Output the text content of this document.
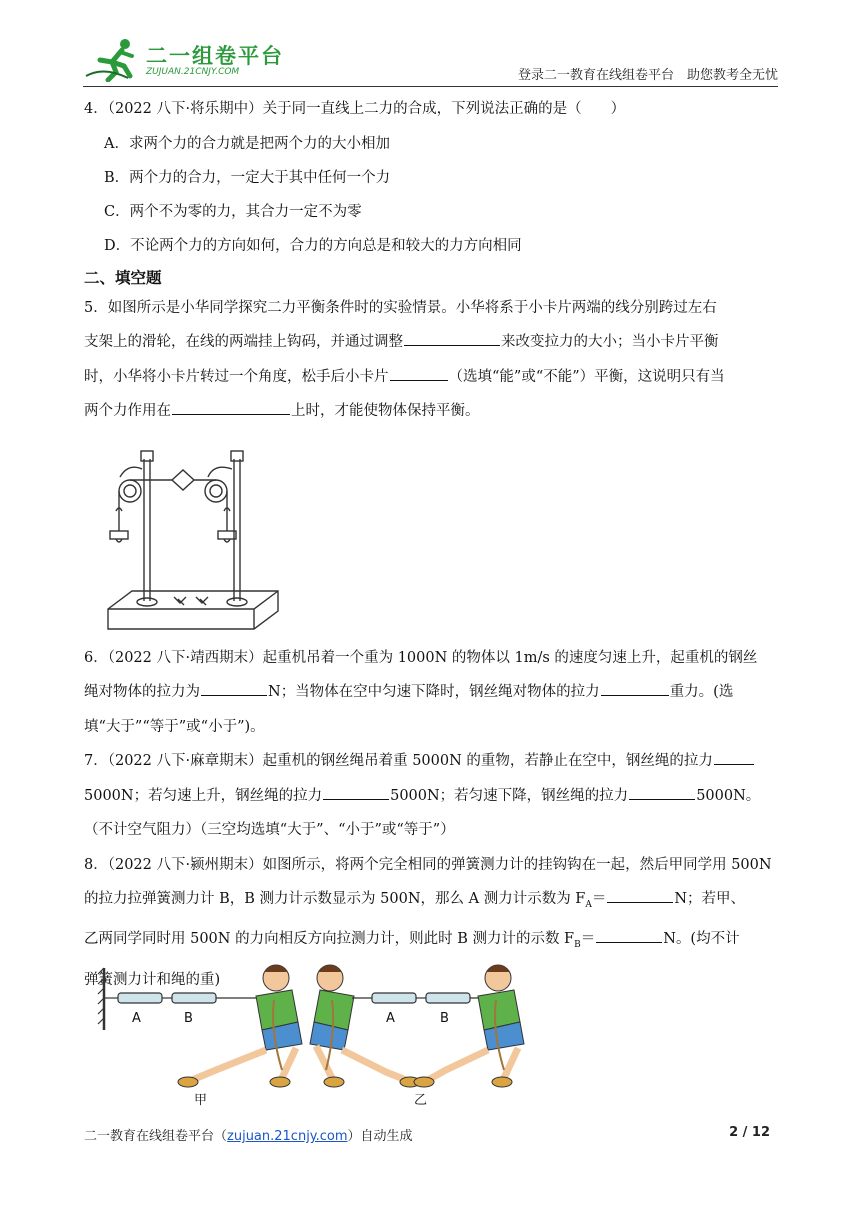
二一组卷平台
ZUJUAN.21CNJY.COM	登录二一教育在线组卷平台　助您教考全无忧
4．（2022 八下·将乐期中）关于同一直线上二力的合成，下列说法正确的是（　　）
A．求两个力的合力就是把两个力的大小相加
B．两个力的合力，一定大于其中任何一个力
C．两个不为零的力，其合力一定不为零
D．不论两个力的方向如何，合力的方向总是和较大的力方向相同
二、填空题
5．如图所示是小华同学探究二力平衡条件时的实验情景。小华将系于小卡片两端的线分别跨过左右
支架上的滑轮，在线的两端挂上钩码，并通过调整	来改变拉力的大小；当小卡片平衡
时，小华将小卡片转过一个角度，松手后小卡片	（选填“能”或“不能”）平衡，这说明只有当
两个力作用在	上时，才能使物体保持平衡。
6．（2022 八下·靖西期末）起重机吊着一个重为 1000N 的物体以 1m/s 的速度匀速上升，起重机的钢丝
绳对物体的拉力为	N；当物体在空中匀速下降时，钢丝绳对物体的拉力	重力。(选
填“大于”“等于”或“小于”)。
7．（2022 八下·麻章期末）起重机的钢丝绳吊着重 5000N 的重物，若静止在空中，钢丝绳的拉力
5000N；若匀速上升，钢丝绳的拉力	5000N；若匀速下降，钢丝绳的拉力	5000N。
（不计空气阻力）（三空均选填“大于”、“小于”或“等于”）
8．（2022 八下·颍州期末）如图所示，将两个完全相同的弹簧测力计的挂钩钩在一起，然后甲同学用 500N
的拉力拉弹簧测力计 B，B 测力计示数显示为 500N，那么 A 测力计示数为 $F_A=$	N；若甲、
乙两同学同时用 500N 的力向相反方向拉测力计，则此时 B 测力计的示数 $F_B=$	N。(均不计
弹簧测力计和绳的重)
A	B
甲
A	B
乙
二一教育在线组卷平台（zujuan.21cnjy.com）自动生成	2 / 12
